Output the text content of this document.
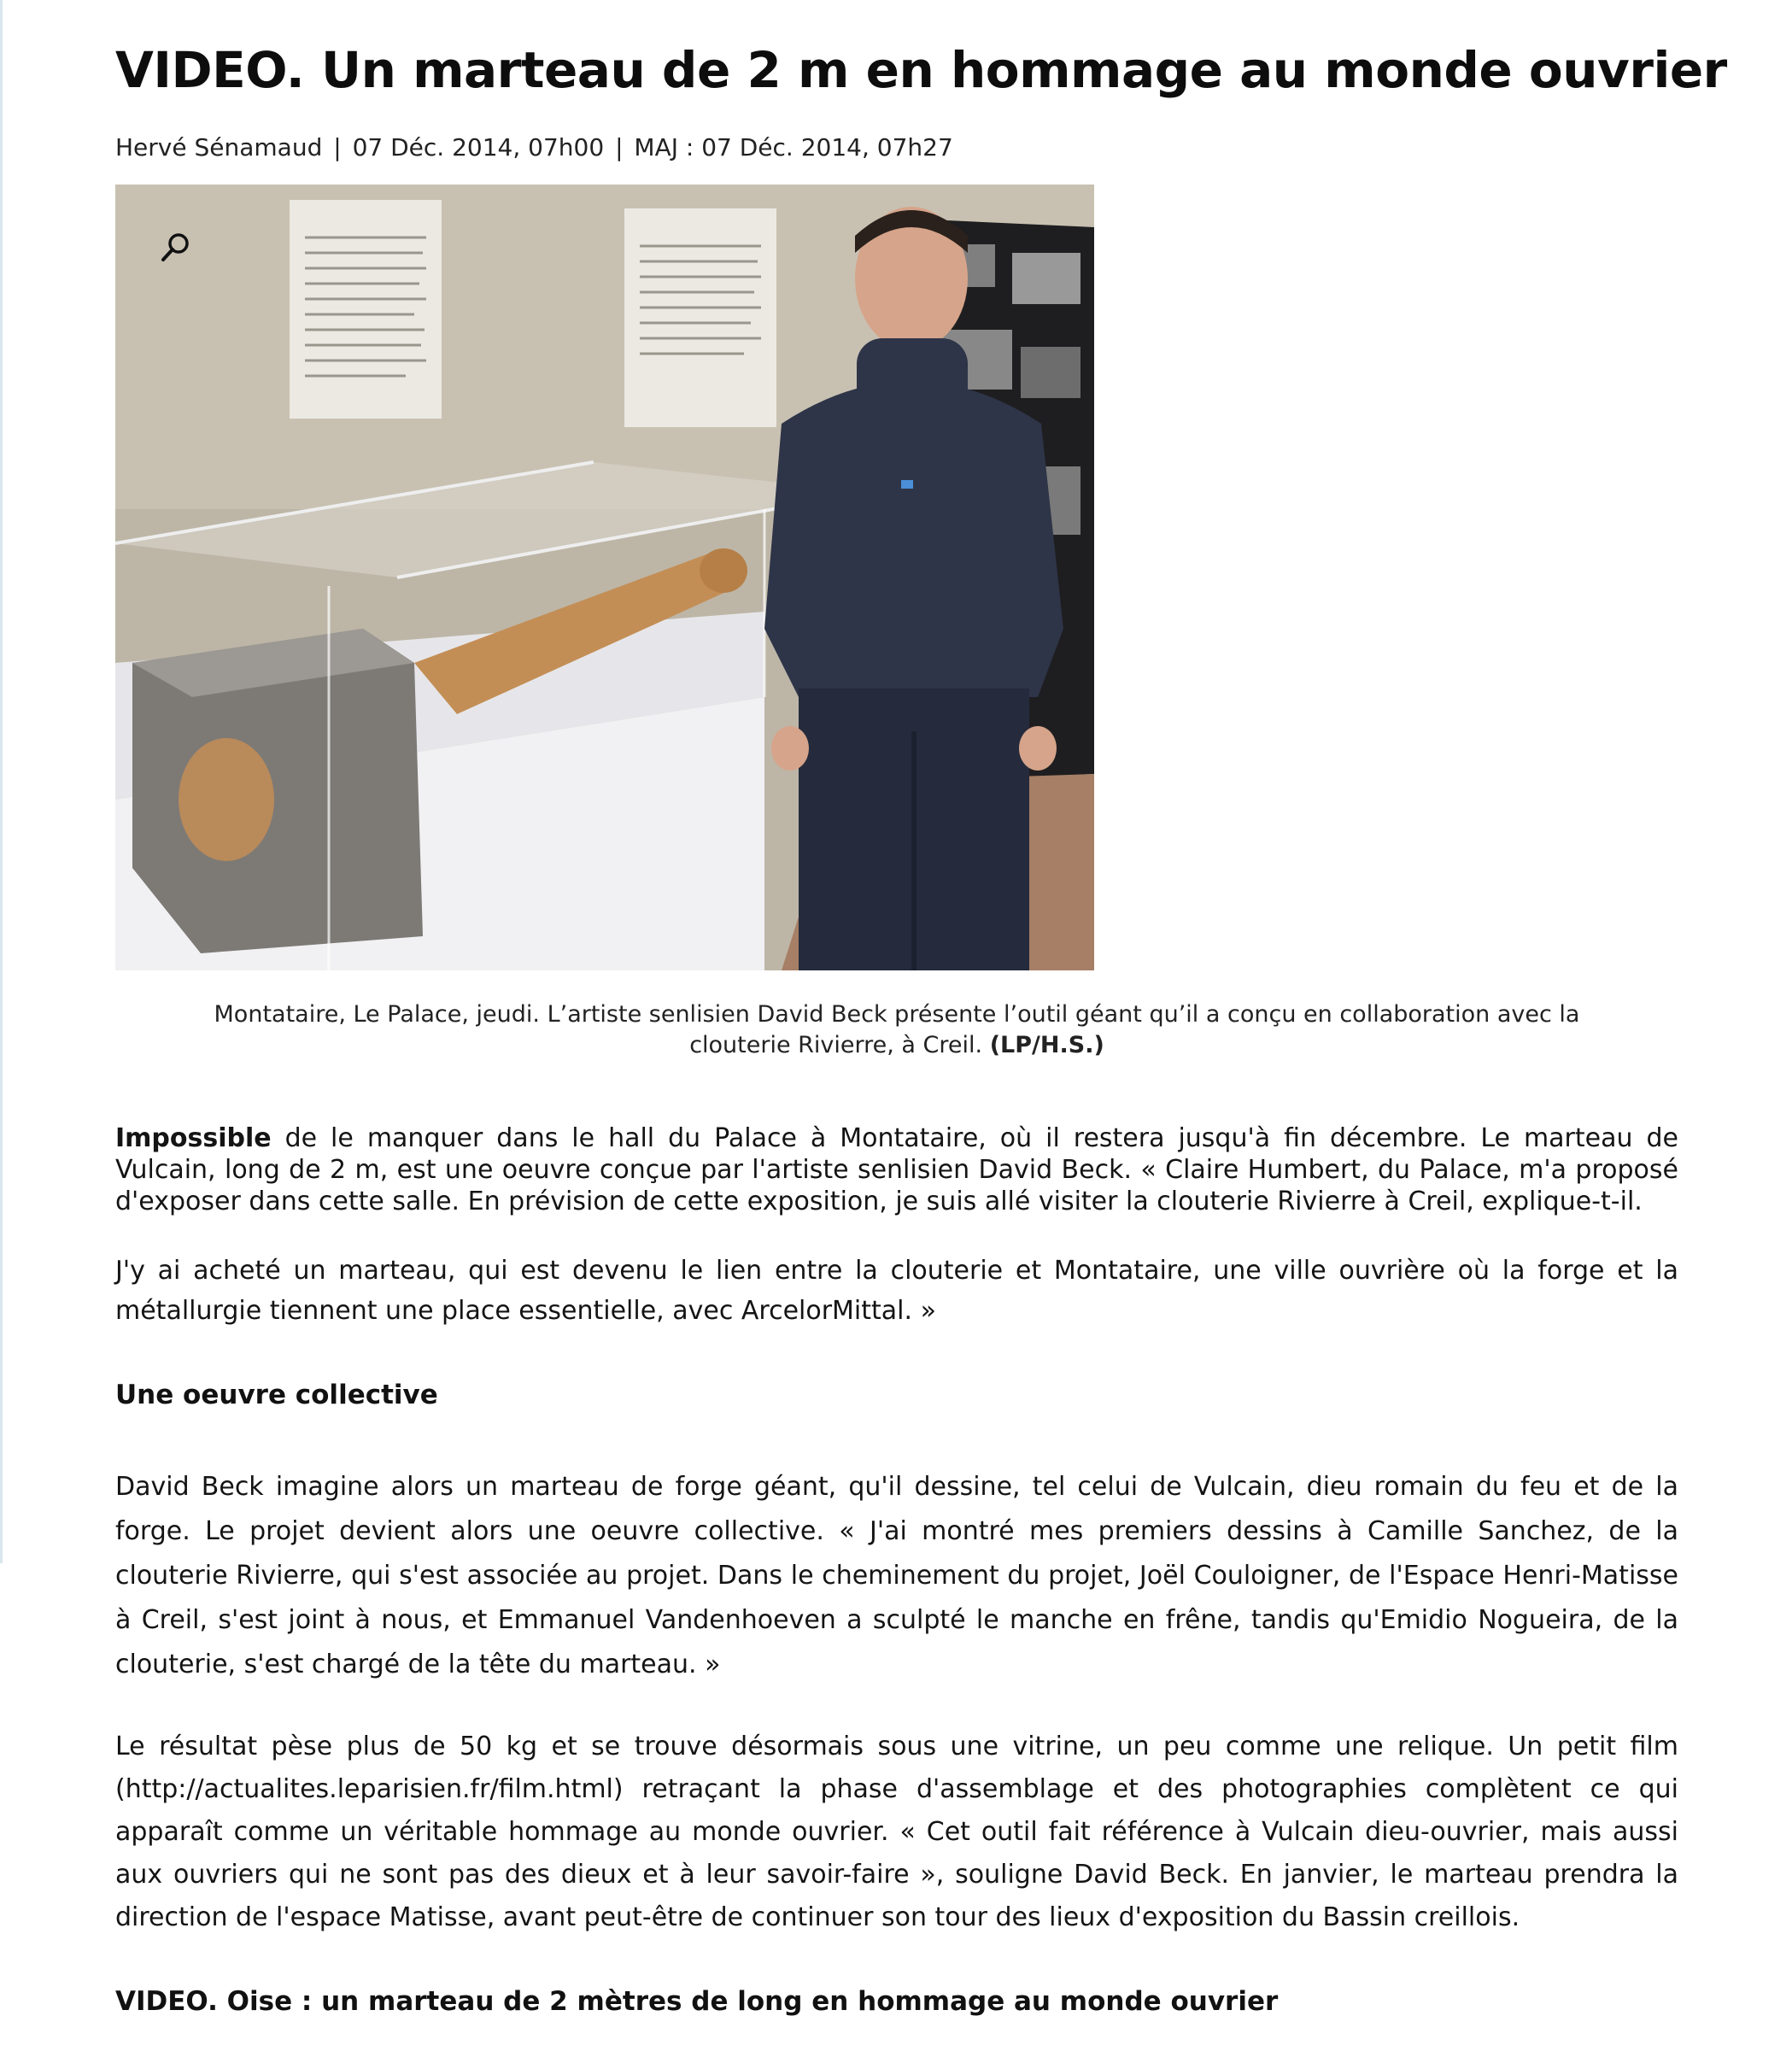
VIDEO. Un marteau de 2 m en hommage au monde ouvrier
Hervé Sénamaud | 07 Déc. 2014, 07h00 | MAJ : 07 Déc. 2014, 07h27
Montataire, Le Palace, jeudi. L’artiste senlisien David Beck présente l’outil géant qu’il a conçu en collaboration avec la clouterie Rivierre, à Creil. (LP/H.S.)

Impossible de le manquer dans le hall du Palace à Montataire, où il restera jusqu'à fin décembre. Le marteau de Vulcain, long de 2 m, est une oeuvre conçue par l'artiste senlisien David Beck. « Claire Humbert, du Palace, m'a proposé d'exposer dans cette salle. En prévision de cette exposition, je suis allé visiter la clouterie Rivierre à Creil, explique-t-il.

J'y ai acheté un marteau, qui est devenu le lien entre la clouterie et Montataire, une ville ouvrière où la forge et la métallurgie tiennent une place essentielle, avec ArcelorMittal. »

Une oeuvre collective

David Beck imagine alors un marteau de forge géant, qu'il dessine, tel celui de Vulcain, dieu romain du feu et de la forge. Le projet devient alors une oeuvre collective. « J'ai montré mes premiers dessins à Camille Sanchez, de la clouterie Rivierre, qui s'est associée au projet. Dans le cheminement du projet, Joël Couloigner, de l'Espace Henri-Matisse à Creil, s'est joint à nous, et Emmanuel Vandenhoeven a sculpté le manche en frêne, tandis qu'Emidio Nogueira, de la clouterie, s'est chargé de la tête du marteau. »

Le résultat pèse plus de 50 kg et se trouve désormais sous une vitrine, un peu comme une relique. Un petit film (http://actualites.leparisien.fr/film.html) retraçant la phase d'assemblage et des photographies complètent ce qui apparaît comme un véritable hommage au monde ouvrier. « Cet outil fait référence à Vulcain dieu-ouvrier, mais aussi aux ouvriers qui ne sont pas des dieux et à leur savoir-faire », souligne David Beck. En janvier, le marteau prendra la direction de l'espace Matisse, avant peut-être de continuer son tour des lieux d'exposition du Bassin creillois.

VIDEO. Oise : un marteau de 2 mètres de long en hommage au monde ouvrier
